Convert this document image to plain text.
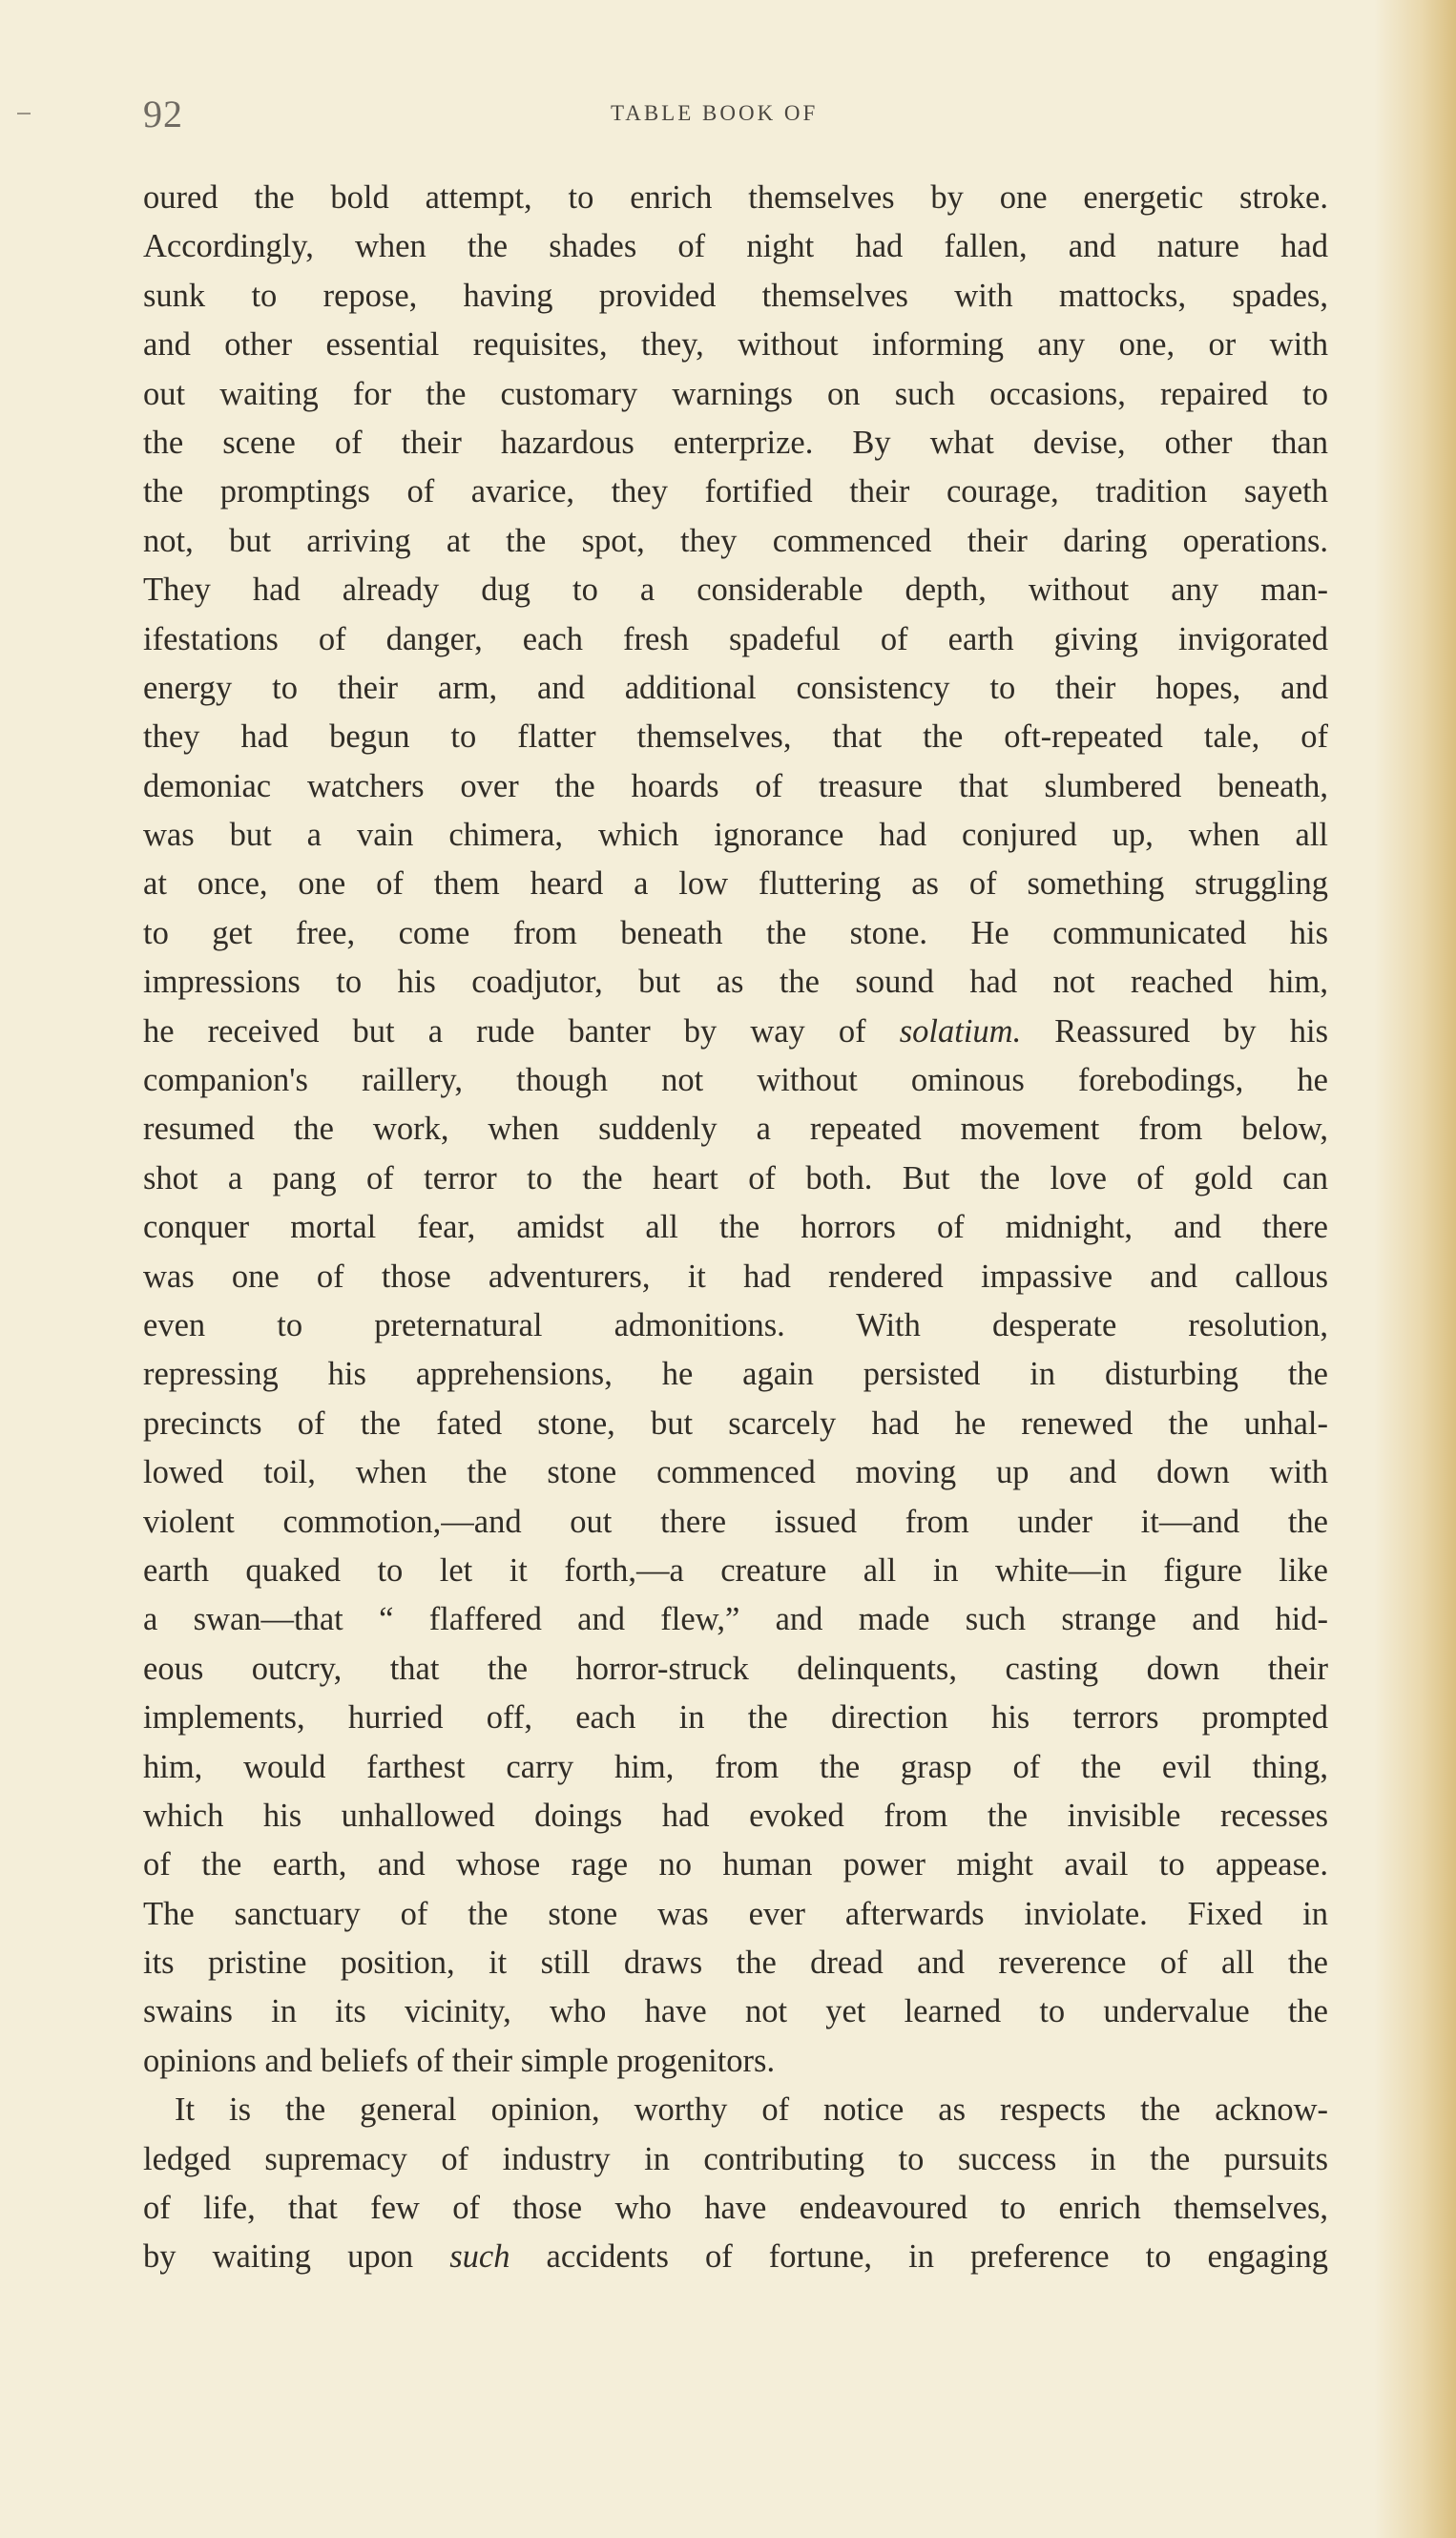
92	TABLE BOOK OF
oured the bold attempt, to enrich themselves by one energetic stroke.
Accordingly, when the shades of night had fallen, and nature had
sunk to repose, having provided themselves with mattocks, spades,
and other essential requisites, they, without informing any one, or with
out waiting for the customary warnings on such occasions, repaired to
the scene of their hazardous enterprize. By what devise, other than
the promptings of avarice, they fortified their courage, tradition sayeth
not, but arriving at the spot, they commenced their daring operations.
They had already dug to a considerable depth, without any man-
ifestations of danger, each fresh spadeful of earth giving invigorated
energy to their arm, and additional consistency to their hopes, and
they had begun to flatter themselves, that the oft-repeated tale, of
demoniac watchers over the hoards of treasure that slumbered beneath,
was but a vain chimera, which ignorance had conjured up, when all
at once, one of them heard a low fluttering as of something struggling
to get free, come from beneath the stone. He communicated his
impressions to his coadjutor, but as the sound had not reached him,
he received but a rude banter by way of solatium. Reassured by his
companion's raillery, though not without ominous forebodings, he
resumed the work, when suddenly a repeated movement from below,
shot a pang of terror to the heart of both. But the love of gold can
conquer mortal fear, amidst all the horrors of midnight, and there
was one of those adventurers, it had rendered impassive and callous
even to preternatural admonitions. With desperate resolution,
repressing his apprehensions, he again persisted in disturbing the
precincts of the fated stone, but scarcely had he renewed the unhal-
lowed toil, when the stone commenced moving up and down with
violent commotion,—and out there issued from under it—and the
earth quaked to let it forth,—a creature all in white—in figure like
a swan—that “ flaffered and flew,” and made such strange and hid-
eous outcry, that the horror-struck delinquents, casting down their
implements, hurried off, each in the direction his terrors prompted
him, would farthest carry him, from the grasp of the evil thing,
which his unhallowed doings had evoked from the invisible recesses
of the earth, and whose rage no human power might avail to appease.
The sanctuary of the stone was ever afterwards inviolate. Fixed in
its pristine position, it still draws the dread and reverence of all the
swains in its vicinity, who have not yet learned to undervalue the
opinions and beliefs of their simple progenitors.
It is the general opinion, worthy of notice as respects the acknow-
ledged supremacy of industry in contributing to success in the pursuits
of life, that few of those who have endeavoured to enrich themselves,
by waiting upon such accidents of fortune, in preference to engaging
